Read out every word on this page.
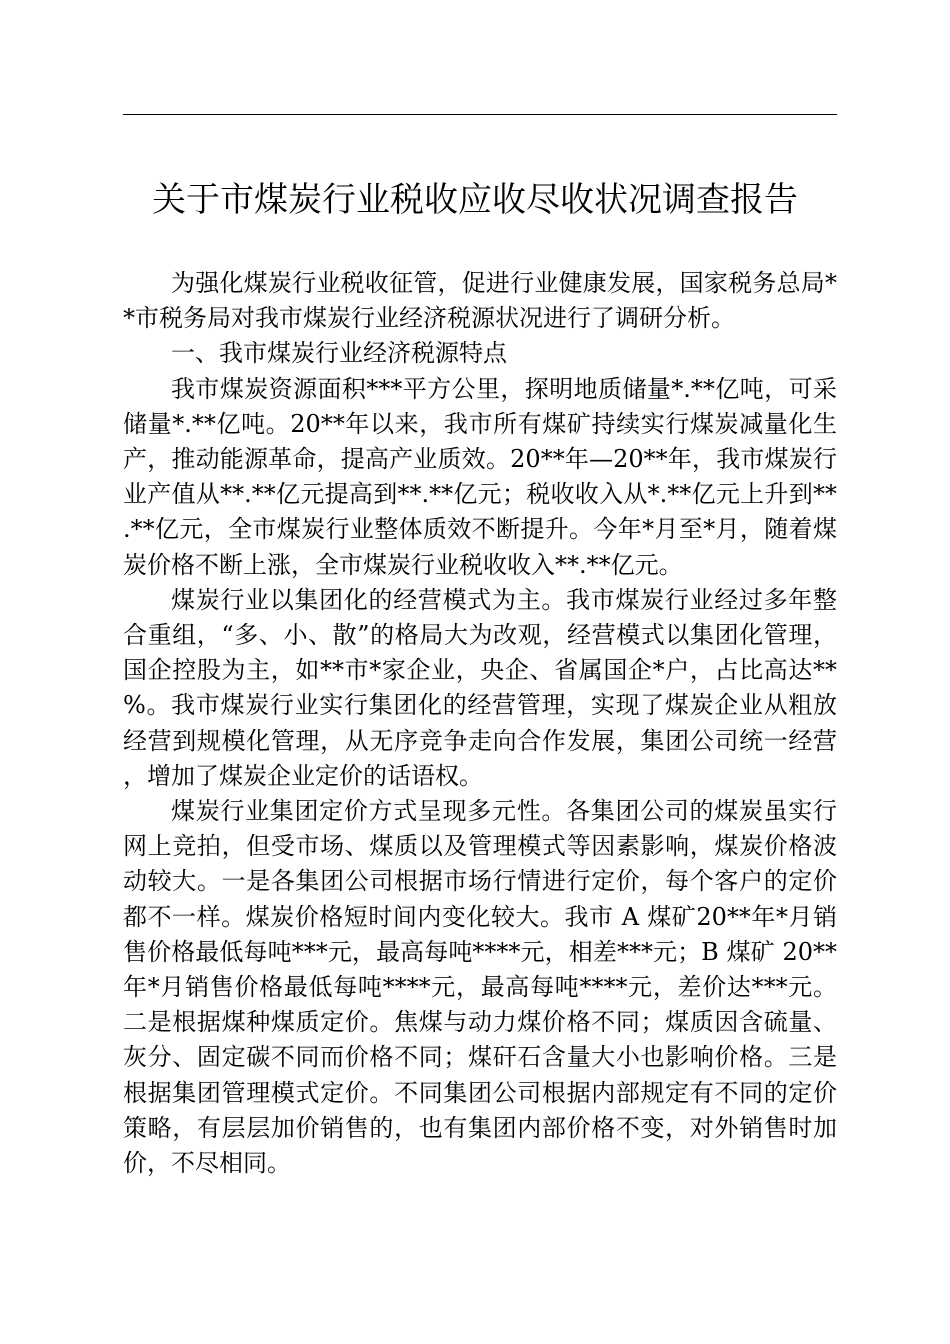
关于市煤炭行业税收应收尽收状况调查报告

为强化煤炭行业税收征管，促进行业健康发展，国家税务总局**市税务局对我市煤炭行业经济税源状况进行了调研分析。

一、我市煤炭行业经济税源特点

我市煤炭资源面积***平方公里，探明地质储量*.**亿吨，可采储量*.**亿吨。20**年以来，我市所有煤矿持续实行煤炭减量化生产，推动能源革命，提高产业质效。20**年—20**年，我市煤炭行业产值从**.**亿元提高到**.**亿元；税收收入从*.**亿元上升到**.**亿元，全市煤炭行业整体质效不断提升。今年*月至*月，随着煤炭价格不断上涨，全市煤炭行业税收收入**.**亿元。

煤炭行业以集团化的经营模式为主。我市煤炭行业经过多年整合重组，“多、小、散”的格局大为改观，经营模式以集团化管理，国企控股为主，如**市*家企业，央企、省属国企*户，占比高达**%。我市煤炭行业实行集团化的经营管理，实现了煤炭企业从粗放经营到规模化管理，从无序竞争走向合作发展，集团公司统一经营，增加了煤炭企业定价的话语权。

煤炭行业集团定价方式呈现多元性。各集团公司的煤炭虽实行网上竞拍，但受市场、煤质以及管理模式等因素影响，煤炭价格波动较大。一是各集团公司根据市场行情进行定价，每个客户的定价都不一样。煤炭价格短时间内变化较大。我市 A 煤矿20**年*月销售价格最低每吨***元，最高每吨****元，相差***元；B 煤矿 20**年*月销售价格最低每吨****元，最高每吨****元，差价达***元。二是根据煤种煤质定价。焦煤与动力煤价格不同；煤质因含硫量、灰分、固定碳不同而价格不同；煤矸石含量大小也影响价格。三是根据集团管理模式定价。不同集团公司根据内部规定有不同的定价策略，有层层加价销售的，也有集团内部价格不变，对外销售时加价，不尽相同。
